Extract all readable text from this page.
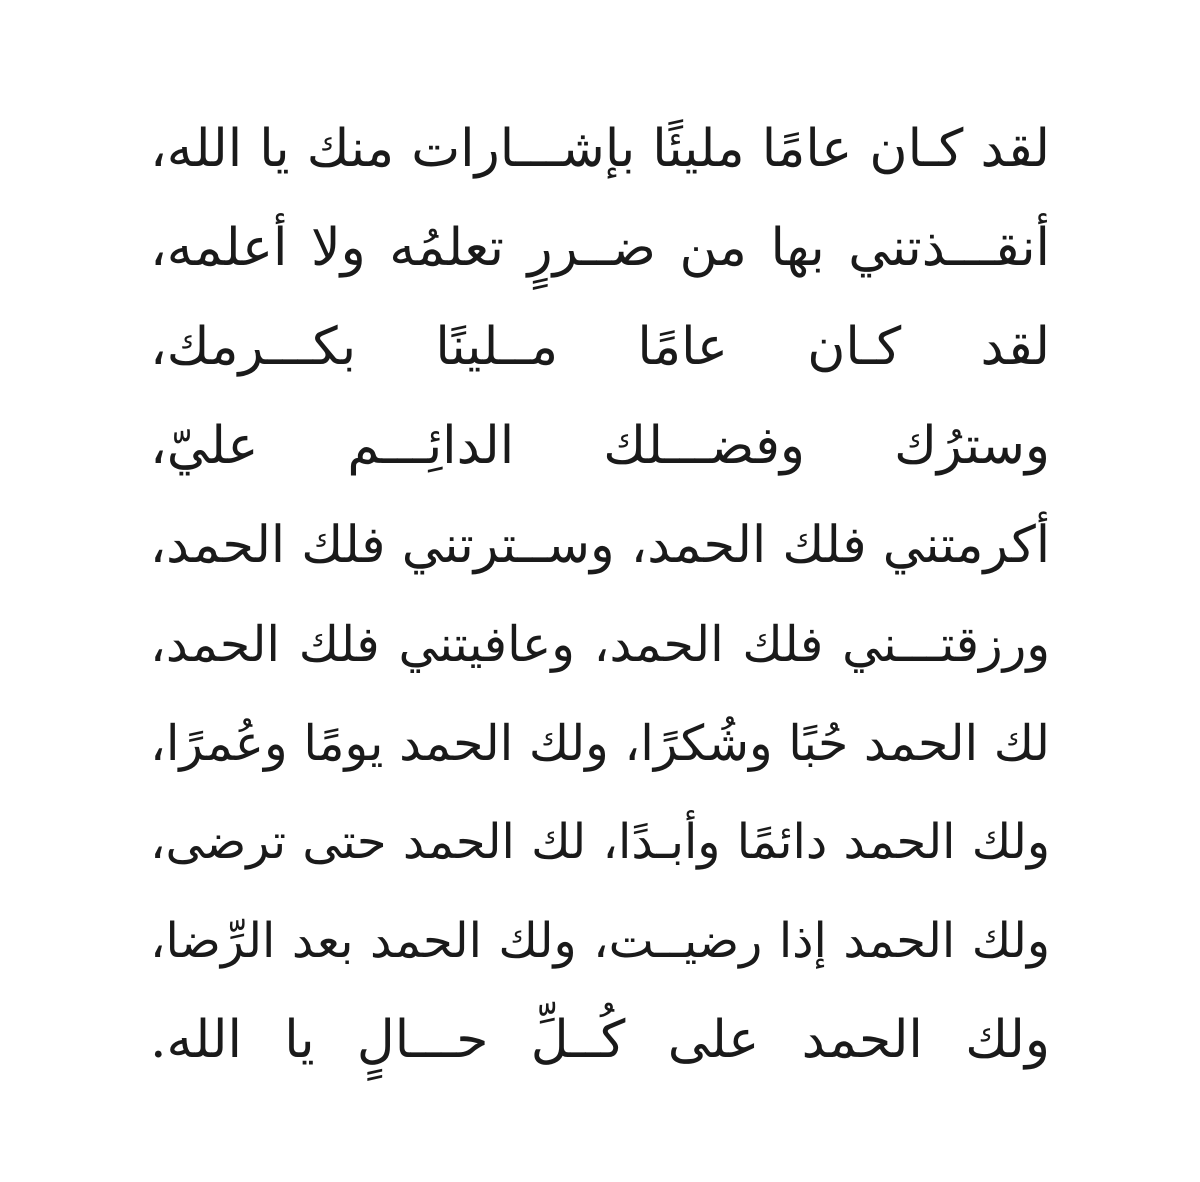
لقد كـان عامًا مليئًا بإشـــارات منك يا الله،
أنقـــذتني بها من ضــررٍ تعلمُه ولا أعلمه،
لقد كـان عامًا مــلينًا بكـــرمك،
وسترُك وفضـــلك الدائِـــم عليّ،
أكرمتني فلك الحمد، وســترتني فلك الحمد،
ورزقتـــني فلك الحمد، وعافيتني فلك الحمد،
لك الحمد حُبًا وشُكرًا، ولك الحمد يومًا وعُمرًا،
ولك الحمد دائمًا وأبـدًا، لك الحمد حتى ترضى،
ولك الحمد إذا رضيــت، ولك الحمد بعد الرِّضا،
ولك الحمد على كُــلِّ حـــالٍ يا الله.
